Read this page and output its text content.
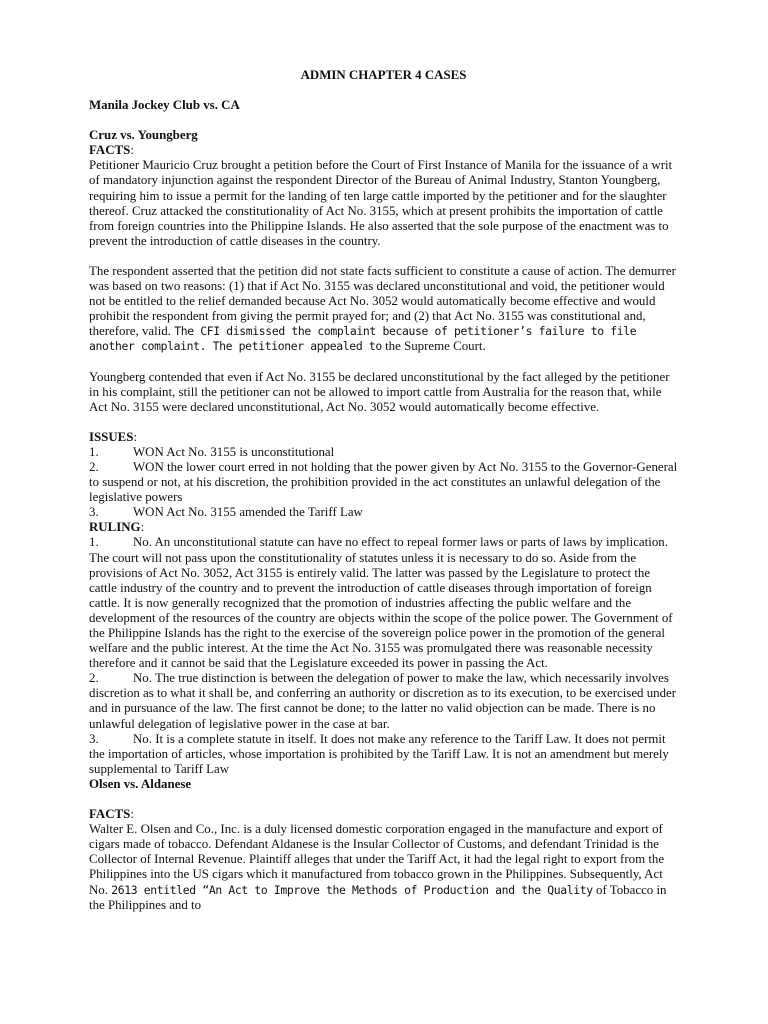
ADMIN CHAPTER 4 CASES

Manila Jockey Club vs. CA

Cruz vs. Youngberg

FACTS:

Petitioner Mauricio Cruz brought a petition before the Court of First Instance of Manila for the issuance of a writ of mandatory injunction against the respondent Director of the Bureau of Animal Industry, Stanton Youngberg, requiring him to issue a permit for the landing of ten large cattle imported by the petitioner and for the slaughter thereof. Cruz attacked the constitutionality of Act No. 3155, which at present prohibits the importation of cattle from foreign countries into the Philippine Islands. He also asserted that the sole purpose of the enactment was to prevent the introduction of cattle diseases in the country.

The respondent asserted that the petition did not state facts sufficient to constitute a cause of action. The demurrer was based on two reasons: (1) that if Act No. 3155 was declared unconstitutional and void, the petitioner would not be entitled to the relief demanded because Act No. 3052 would automatically become effective and would prohibit the respondent from giving the permit prayed for; and (2) that Act No. 3155 was constitutional and, therefore, valid. The CFI dismissed the complaint because of petitioner’s failure to file another complaint. The petitioner appealed to the Supreme Court.

Youngberg contended that even if Act No. 3155 be declared unconstitutional by the fact alleged by the petitioner in his complaint, still the petitioner can not be allowed to import cattle from Australia for the reason that, while Act No. 3155 were declared unconstitutional, Act No. 3052 would automatically become effective.

ISSUES:

1.	WON Act No. 3155 is unconstitutional

2.	WON the lower court erred in not holding that the power given by Act No. 3155 to the Governor-General to suspend or not, at his discretion, the prohibition provided in the act constitutes an unlawful delegation of the legislative powers

3.	WON Act No. 3155 amended the Tariff Law

RULING:

1.	No. An unconstitutional statute can have no effect to repeal former laws or parts of laws by implication. The court will not pass upon the constitutionality of statutes unless it is necessary to do so. Aside from the provisions of Act No. 3052, Act 3155 is entirely valid. The latter was passed by the Legislature to protect the cattle industry of the country and to prevent the introduction of cattle diseases through importation of foreign cattle. It is now generally recognized that the promotion of industries affecting the public welfare and the development of the resources of the country are objects within the scope of the police power. The Government of the Philippine Islands has the right to the exercise of the sovereign police power in the promotion of the general welfare and the public interest. At the time the Act No. 3155 was promulgated there was reasonable necessity therefore and it cannot be said that the Legislature exceeded its power in passing the Act.

2.	No. The true distinction is between the delegation of power to make the law, which necessarily involves discretion as to what it shall be, and conferring an authority or discretion as to its execution, to be exercised under and in pursuance of the law. The first cannot be done; to the latter no valid objection can be made. There is no unlawful delegation of legislative power in the case at bar.

3.	No. It is a complete statute in itself. It does not make any reference to the Tariff Law. It does not permit the importation of articles, whose importation is prohibited by the Tariff Law. It is not an amendment but merely supplemental to Tariff Law

Olsen vs. Aldanese

FACTS:

Walter E. Olsen and Co., Inc. is a duly licensed domestic corporation engaged in the manufacture and export of cigars made of tobacco. Defendant Aldanese is the Insular Collector of Customs, and defendant Trinidad is the Collector of Internal Revenue. Plaintiff alleges that under the Tariff Act, it had the legal right to export from the Philippines into the US cigars which it manufactured from tobacco grown in the Philippines. Subsequently, Act No. 2613 entitled “An Act to Improve the Methods of Production and the Quality of Tobacco in the Philippines and to
